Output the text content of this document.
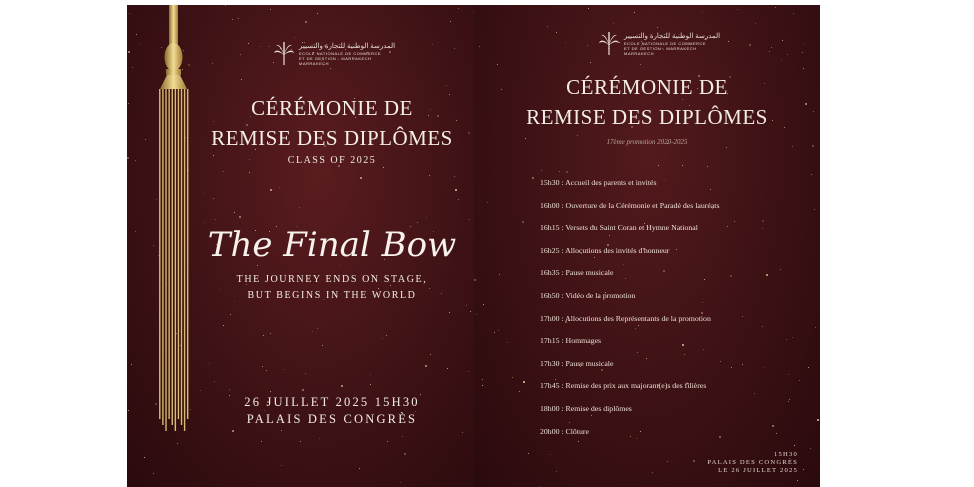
المدرسة الوطنية للتجارة والتسيير
ECOLE NATIONALE DE COMMERCE
ET DE GESTION - MARRAKECH
MARRAKECH
CÉRÉMONIE DE
REMISE DES DIPLÔMES
CLASS OF 2025
The Final Bow
THE JOURNEY ENDS ON STAGE,
BUT BEGINS IN THE WORLD
26 JUILLET 2025 15H30
PALAIS DES CONGRÈS
المدرسة الوطنية للتجارة والتسيير
ECOLE NATIONALE DE COMMERCE
ET DE GESTION - MARRAKECH
MARRAKECH
CÉRÉMONIE DE
REMISE DES DIPLÔMES
17ème promotion 2020-2025
15h30 : Accueil des parents et invités
16h00 : Ouverture de la Cérémonie et Parade des lauréats
16h15 : Versets du Saint Coran et Hymne National
16h25 : Allocutions des invités d'honneur
16h35 : Pause musicale
16h50 : Vidéo de la promotion
17h00 : Allocutions des Représentants de la promotion
17h15 : Hommages
17h30 : Pause musicale
17h45 : Remise des prix aux majorant(e)s des filières
18h00 : Remise des diplômes
20h00 : Clôture
15H30
PALAIS DES CONGRÈS
LE 26 JUILLET 2025
